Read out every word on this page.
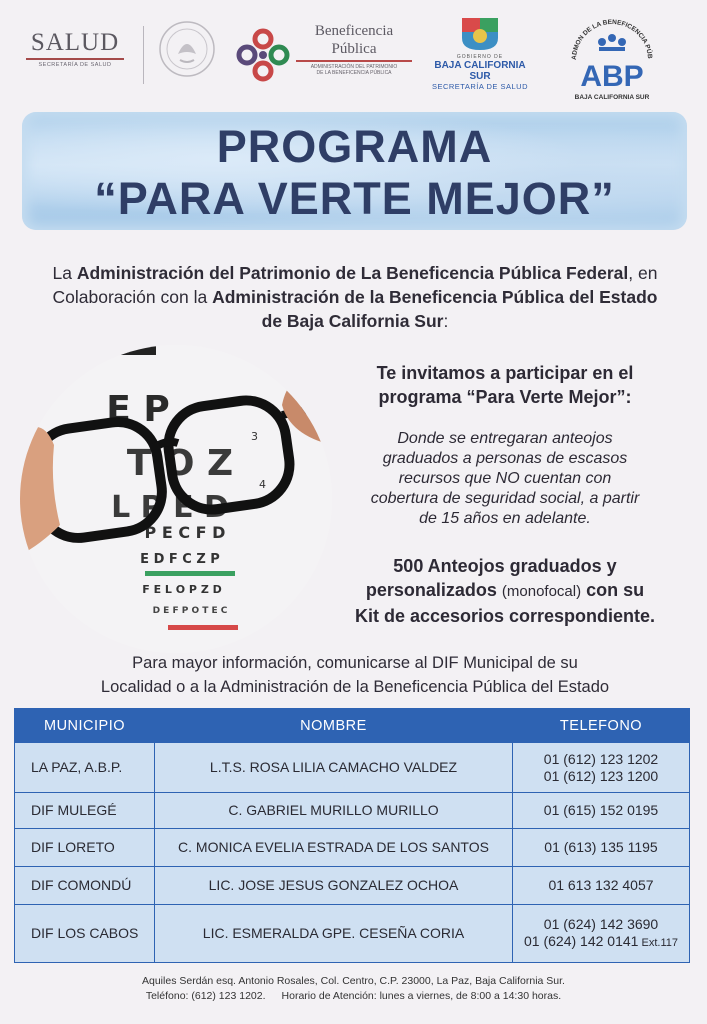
SALUD
SECRETARÍA DE SALUD
Beneficencia
Pública
ADMINISTRACIÓN DEL PATRIMONIO
DE LA BENEFICENCIA PÚBLICA
GOBIERNO DE
BAJA CALIFORNIA SUR
SECRETARÍA DE SALUD
ADMON DE LA BENEFICENCIA PÚB
ABP
BAJA CALIFORNIA SUR
PROGRAMA
“PARA VERTE MEJOR”
La Administración del Patrimonio de La Beneficencia Pública Federal, en Colaboración con la Administración de la Beneficencia Pública del Estado de Baja California Sur:
E P
T O Z
L P E D
P E C F D
E D F C Z P
F E L O P Z D
D E F P O T E C
3
4
Te invitamos a participar en el
programa “Para Verte Mejor”:
Donde se entregaran anteojos
graduados a personas de escasos
recursos que NO cuentan con
cobertura de seguridad social, a partir
de 15 años en adelante.
500 Anteojos graduados y
personalizados (monofocal) con su
Kit de accesorios correspondiente.
Para mayor información, comunicarse al DIF Municipal de su
Localidad o a la Administración de la Beneficencia Pública del Estado
MUNICIPIO	NOMBRE	TELEFONO
LA PAZ, A.B.P.	L.T.S. ROSA LILIA CAMACHO VALDEZ	01 (612) 123 1202
01 (612) 123 1200

DIF MULEGÉ	C. GABRIEL MURILLO MURILLO	01 (615) 152 0195
DIF LORETO	C. MONICA EVELIA ESTRADA DE LOS SANTOS	01 (613) 135 1195
DIF COMONDÚ	LIC. JOSE JESUS GONZALEZ OCHOA	01 613 132 4057
DIF LOS CABOS	LIC. ESMERALDA GPE. CESEÑA CORIA	01 (624) 142 3690
01 (624) 142 0141 Ext.117
Aquiles Serdán esq. Antonio Rosales, Col. Centro, C.P. 23000, La Paz, Baja California Sur.
Teléfono: (612) 123 1202. Horario de Atención: lunes a viernes, de 8:00 a 14:30 horas.
